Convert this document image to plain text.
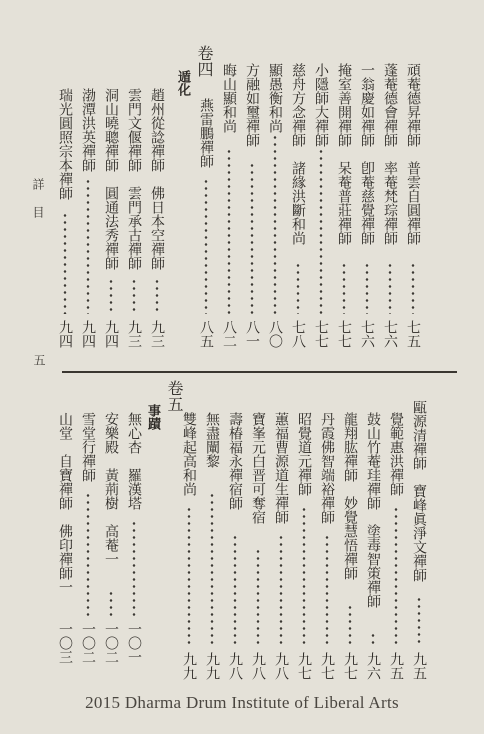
詳目
五
卷四
遁化	頑菴德昇禪師　普雲自圓禪師
七五
蓬菴德會禪師　率菴梵琮禪師
七六
一翁慶如禪師　卽菴慈覺禪師
七六
掩室善開禪師　呆菴普莊禪師
七七
小隱師大禪師
七七
慈舟方念禪師　諸緣洪斷和尚
七八
顯愚衡和尚
八〇
方融如璽禪師
八一
晦山顯和尚
八二
燕雷鵬禪師
八五
趙州從諗禪師　佛日本空禪師
九三
雲門文偃禪師　雲門承古禪師
九三
洞山曉聰禪師　圓通法秀禪師
九四
渤潭洪英禪師
九四
瑞光圓照宗本禪師
九四
卷五
事蹟	甌源清禪師　寶峰眞淨文禪師
九五
覺範惠洪禪師
九五
鼓山竹菴珪禪師　塗毒智策禪師
九六
龍翔肱禪師　妙覺慧悟禪師
九七
丹霞佛智端裕禪師
九七
昭覺道元禪師
九七
蕙福曹源道生禪師
九八
寶峯元白晋可奪宿
九八
壽椿福永禪宿師
九八
無盡闡黎
九九
雙峰起高和尚
九九
無心杏　羅漢塔
一〇一
安樂殿　黃荊樹　高菴一
一〇二
雪堂行禪師
一〇二
山堂　自寶禪師　佛印禪師一
一〇三
2015 Dharma Drum Institute of Liberal Arts
